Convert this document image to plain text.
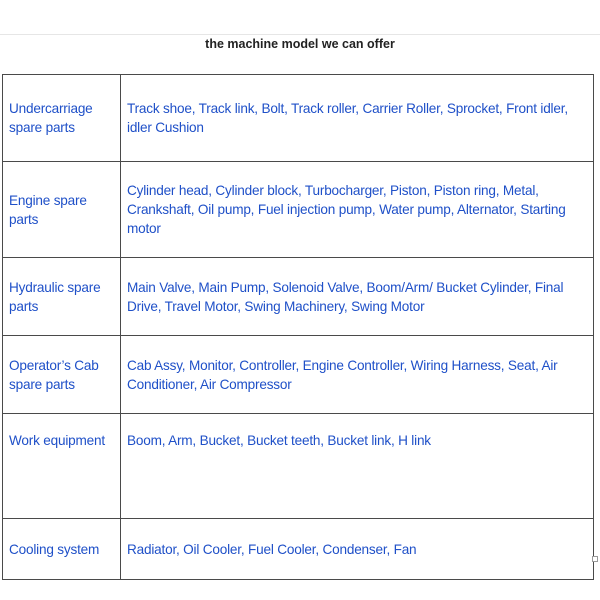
the machine model we can offer
Undercarriage spare parts	Track shoe, Track link, Bolt, Track roller, Carrier Roller, Sprocket, Front idler, idler Cushion
Engine spare parts	Cylinder head, Cylinder block, Turbocharger, Piston, Piston ring, Metal, Crankshaft, Oil pump, Fuel injection pump, Water pump, Alternator, Starting motor
Hydraulic spare parts	Main Valve, Main Pump, Solenoid Valve, Boom/Arm/ Bucket Cylinder, Final Drive, Travel Motor, Swing Machinery, Swing Motor
Operator’s Cab spare parts	Cab Assy, Monitor, Controller, Engine Controller, Wiring Harness, Seat, Air Conditioner, Air Compressor
Work equipment	Boom, Arm, Bucket, Bucket teeth, Bucket link, H link
Cooling system	Radiator, Oil Cooler, Fuel Cooler, Condenser, Fan
